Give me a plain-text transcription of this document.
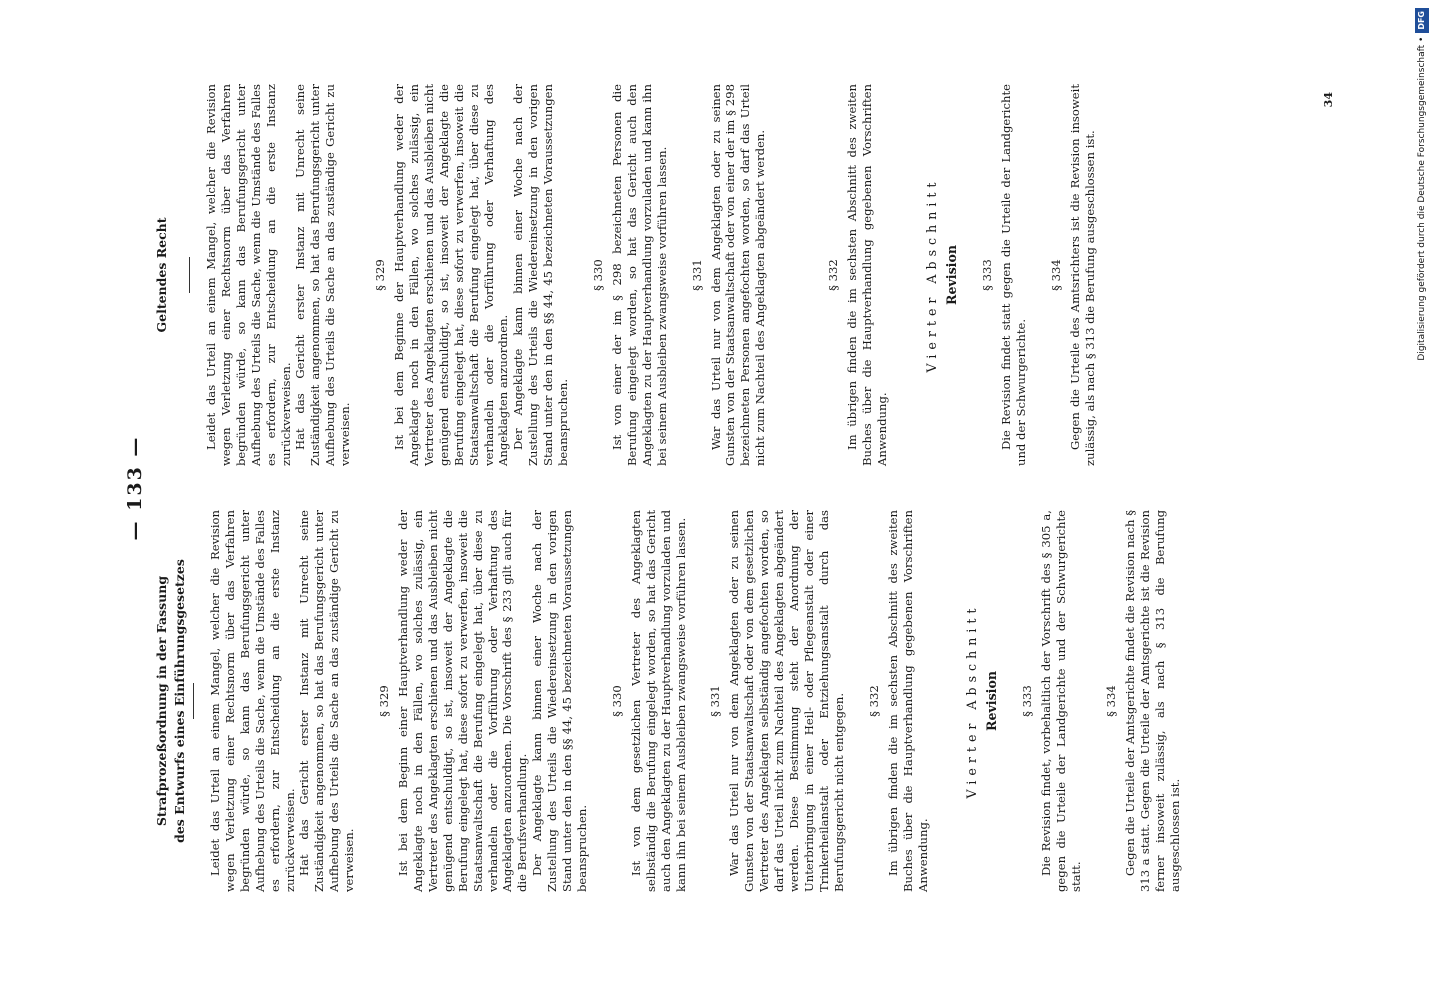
— 133 —
Strafprozeßordnung in der Fassung des Entwurfs eines Einführungsgesetzes Leidet das Urteil an einem Mangel, welcher die Revision wegen Verletzung einer Rechtsnorm über das Verfahren begründen würde, so kann das Berufungsgericht unter Aufhebung des Urteils die Sache, wenn die Umstände des Falles es erfordern, zur Entscheidung an die erste Instanz zurückverweisen. Hat das Gericht erster Instanz mit Unrecht seine Zuständigkeit angenommen, so hat das Berufungsgericht unter Aufhebung des Urteils die Sache an das zuständige Gericht zu verweisen.

§ 329 Ist bei dem Beginn einer Hauptverhandlung weder der Angeklagte noch in den Fällen, wo solches zulässig, ein Vertreter des Angeklagten erschienen und das Ausbleiben nicht genügend entschuldigt, so ist, insoweit der Angeklagte die Berufung eingelegt hat, diese sofort zu verwerfen, insoweit die Staatsanwaltschaft die Berufung eingelegt hat, über diese zu verhandeln oder die Vorführung oder Verhaftung des Angeklagten anzuordnen. Die Vorschrift des § 233 gilt auch für die Berufsverhandlung. Der Angeklagte kann binnen einer Woche nach der Zustellung des Urteils die Wiedereinsetzung in den vorigen Stand unter den in den §§ 44, 45 bezeichneten Voraussetzungen beanspruchen.

§ 330 Ist von dem gesetzlichen Vertreter des Angeklagten selbständig die Berufung eingelegt worden, so hat das Gericht auch den Angeklagten zu der Hauptverhandlung vorzuladen und kann ihn bei seinem Ausbleiben zwangsweise vorführen lassen. § 331 War das Urteil nur von dem Angeklagten oder zu seinen Gunsten von der Staatsanwaltschaft oder von dem gesetzlichen Vertreter des Angeklagten selbständig angefochten worden, so darf das Urteil nicht zum Nachteil des Angeklagten abgeändert werden. Diese Bestimmung steht der Anordnung der Unterbringung in einer Heil- oder Pflegeanstalt oder einer Trinkerheilanstalt oder Entziehungsanstalt durch das Berufungsgericht nicht entgegen. § 332 Im übrigen finden die im sechsten Abschnitt des zweiten Buches über die Hauptverhandlung gegebenen Vorschriften Anwendung.

Vierter Abschnitt Revision § 333 Die Revision findet, vorbehaltlich der Vorschrift des § 305 a, gegen die Urteile der Landgerichte und der Schwurgerichte statt.

§ 334 Gegen die Urteile der Amtsgerichte findet die Revision nach § 313 a statt. Gegen die Urteile der Amtsgerichte ist die Revision ferner insoweit zulässig, als nach § 313 die Berufung ausgeschlossen ist.

Geltendes Recht	Leidet das Urteil an einem Mangel, welcher die Revision wegen Verletzung einer Rechtsnorm über das Verfahren begründen würde, so kann das Berufungsgericht unter Aufhebung des Urteils die Sache, wenn die Umstände des Falles es erfordern, zur Entscheidung an die erste Instanz zurückverweisen. Hat das Gericht erster Instanz mit Unrecht seine Zuständigkeit angenommen, so hat das Berufungsgericht unter Aufhebung des Urteils die Sache an das zuständige Gericht zu verweisen.

§ 329 Ist bei dem Beginne der Hauptverhandlung weder der Angeklagte noch in den Fällen, wo solches zulässig, ein Vertreter des Angeklagten erschienen und das Ausbleiben nicht genügend entschuldigt, so ist, insoweit der Angeklagte die Berufung eingelegt hat, diese sofort zu verwerfen, insoweit die Staatsanwaltschaft die Berufung eingelegt hat, über diese zu verhandeln oder die Vorführung oder Verhaftung des Angeklagten anzuordnen. Der Angeklagte kann binnen einer Woche nach der Zustellung des Urteils die Wiedereinsetzung in den vorigen Stand unter den in den §§ 44, 45 bezeichneten Voraussetzungen beanspruchen.

§ 330 Ist von einer der im § 298 bezeichneten Personen die Berufung eingelegt worden, so hat das Gericht auch den Angeklagten zu der Hauptverhandlung vorzuladen und kann ihn bei seinem Ausbleiben zwangsweise vorführen lassen. § 331 War das Urteil nur von dem Angeklagten oder zu seinen Gunsten von der Staatsanwaltschaft oder von einer der im § 298 bezeichneten Personen angefochten worden, so darf das Urteil nicht zum Nachteil des Angeklagten abgeändert werden.	§ 332 Im übrigen finden die im sechsten Abschnitt des zweiten Buches über die Hauptverhandlung gegebenen Vorschriften Anwendung.

Vierter Abschnitt Revision § 333 Die Revision findet statt gegen die Urteile der Landgerichte und der Schwurgerichte.

§ 334 Gegen die Urteile des Amtsrichters ist die Revision insoweit zulässig, als nach § 313 die Berufung ausgeschlossen ist.

34	Digitalisierung gefördert durch die Deutsche Forschungsgemeinschaft •DFG
